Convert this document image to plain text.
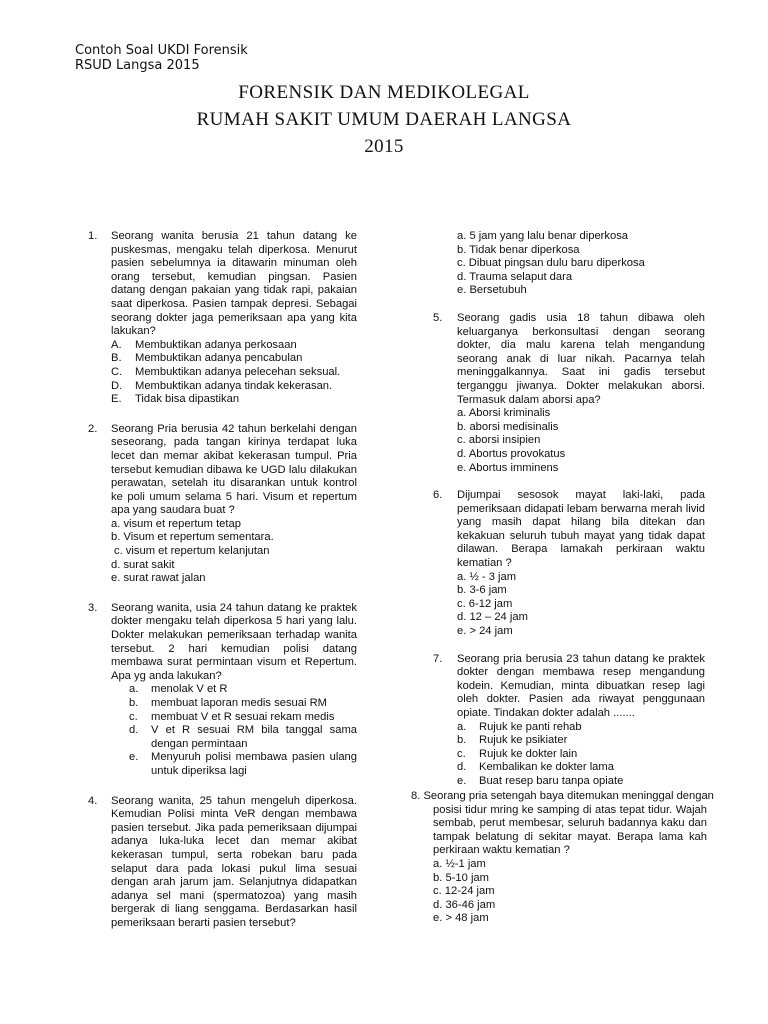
Contoh Soal UKDI Forensik
RSUD Langsa 2015
FORENSIK DAN MEDIKOLEGAL
RUMAH SAKIT UMUM DAERAH LANGSA
2015
1. Seorang wanita berusia 21 tahun datang ke puskesmas, mengaku telah diperkosa. Menurut pasien sebelumnya ia ditawarin minuman oleh orang tersebut, kemudian pingsan. Pasien datang dengan pakaian yang tidak rapi, pakaian saat diperkosa. Pasien tampak depresi. Sebagai seorang dokter jaga pemeriksaan apa yang kita lakukan?
A. Membuktikan adanya perkosaan
B. Membuktikan adanya pencabulan
C. Membuktikan adanya pelecehan seksual.
D. Membuktikan adanya tindak kekerasan.
E. Tidak bisa dipastikan
2. Seorang Pria berusia 42 tahun berkelahi dengan seseorang, pada tangan kirinya terdapat luka lecet dan memar akibat kekerasan tumpul. Pria tersebut kemudian dibawa ke UGD lalu dilakukan perawatan, setelah itu disarankan untuk kontrol ke poli umum selama 5 hari. Visum et repertum apa yang saudara buat ?
a. visum et repertum tetap
b. Visum et repertum sementara.
c. visum et repertum kelanjutan
d. surat sakit
e. surat rawat jalan
3. Seorang wanita, usia 24 tahun datang ke praktek dokter mengaku telah diperkosa 5 hari yang lalu. Dokter melakukan pemeriksaan terhadap wanita tersebut. 2 hari kemudian polisi datang membawa surat permintaan visum et Repertum. Apa yg anda lakukan?
a. menolak V et R
b. membuat laporan medis sesuai RM
c. membuat V et R sesuai rekam medis
d. V et R sesuai RM bila tanggal sama dengan permintaan
e. Menyuruh polisi membawa pasien ulang untuk diperiksa lagi
4. Seorang wanita, 25 tahun mengeluh diperkosa. Kemudian Polisi minta VeR dengan membawa pasien tersebut. Jika pada pemeriksaan dijumpai adanya luka-luka lecet dan memar akibat kekerasan tumpul, serta robekan baru pada selaput dara pada lokasi pukul lima sesuai dengan arah jarum jam. Selanjutnya didapatkan adanya sel mani (spermatozoa) yang masih bergerak di liang senggama. Berdasarkan hasil pemeriksaan berarti pasien tersebut?
a. 5 jam yang lalu benar diperkosa
b. Tidak benar diperkosa
c. Dibuat pingsan dulu baru diperkosa
d. Trauma selaput dara
e. Bersetubuh
5. Seorang gadis usia 18 tahun dibawa oleh keluarganya berkonsultasi dengan seorang dokter, dia malu karena telah mengandung seorang anak di luar nikah. Pacarnya telah meninggalkannya. Saat ini gadis tersebut terganggu jiwanya. Dokter melakukan aborsi. Termasuk dalam aborsi apa?
a. Aborsi kriminalis
b. aborsi medisinalis
c. aborsi insipien
d. Abortus provokatus
e. Abortus imminens
6. Dijumpai sesosok mayat laki-laki, pada pemeriksaan didapati lebam berwarna merah livid yang masih dapat hilang bila ditekan dan kekakuan seluruh tubuh mayat yang tidak dapat dilawan. Berapa lamakah perkiraan waktu kematian ?
a. ½ - 3 jam
b. 3-6 jam
c. 6-12 jam
d. 12 – 24 jam
e. > 24 jam
7. Seorang pria berusia 23 tahun datang ke praktek dokter dengan membawa resep mengandung kodein. Kemudian, minta dibuatkan resep lagi oleh dokter. Pasien ada riwayat penggunaan opiate. Tindakan dokter adalah .......
a. Rujuk ke panti rehab
b. Rujuk ke psikiater
c. Rujuk ke dokter lain
d. Kembalikan ke dokter lama
e. Buat resep baru tanpa opiate
8. Seorang pria setengah baya ditemukan meninggal dengan
posisi tidur mring ke samping di atas tepat tidur. Wajah sembab, perut membesar, seluruh badannya kaku dan tampak belatung di sekitar mayat. Berapa lama kah perkiraan waktu kematian ?
a. ½-1 jam
b. 5-10 jam
c. 12-24 jam
d. 36-46 jam
e. > 48 jam
